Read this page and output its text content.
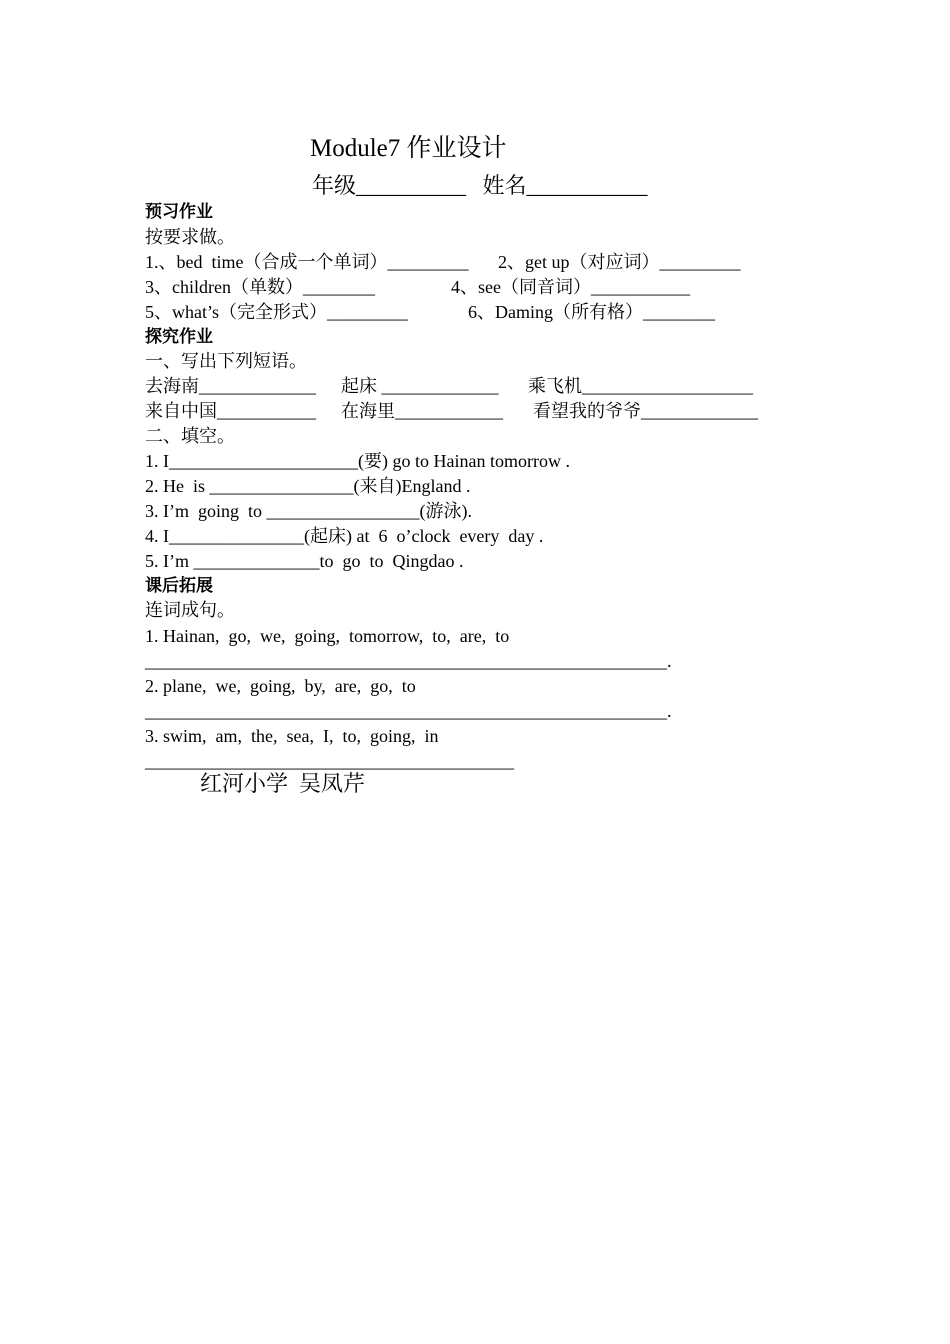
Module7 作业设计
年级__________   姓名___________
预习作业
按要求做。

1.、bed  time（合成一个单词）_________

2、get up（对应词）_________

3、children（单数）________

	4、see（同音词）___________

5、what’s（完全形式）_________

	6、Daming（所有格）________

探究作业
一、写出下列短语。

去海南_____________

起床 _____________

乘飞机___________________

来自中国___________

在海里____________

看望我的爷爷_____________

二、填空。
1. I_____________________(要) go to Hainan tomorrow .
2. He  is ________________(来自)England .
3. I’m  going  to _________________(游泳).
4. I_______________(起床) at  6  o’clock  every  day .
5. I’m ______________to  go  to  Qingdao .
课后拓展
连词成句。
1. Hainan,  go,  we,  going,  tomorrow,  to,  are,  to
__________________________________________________________.
2. plane,  we,  going,  by,  are,  go,  to
__________________________________________________________.
3. swim,  am,  the,  sea,  I,  to,  going,  in
_________________________________________
红河小学  吴凤芹
